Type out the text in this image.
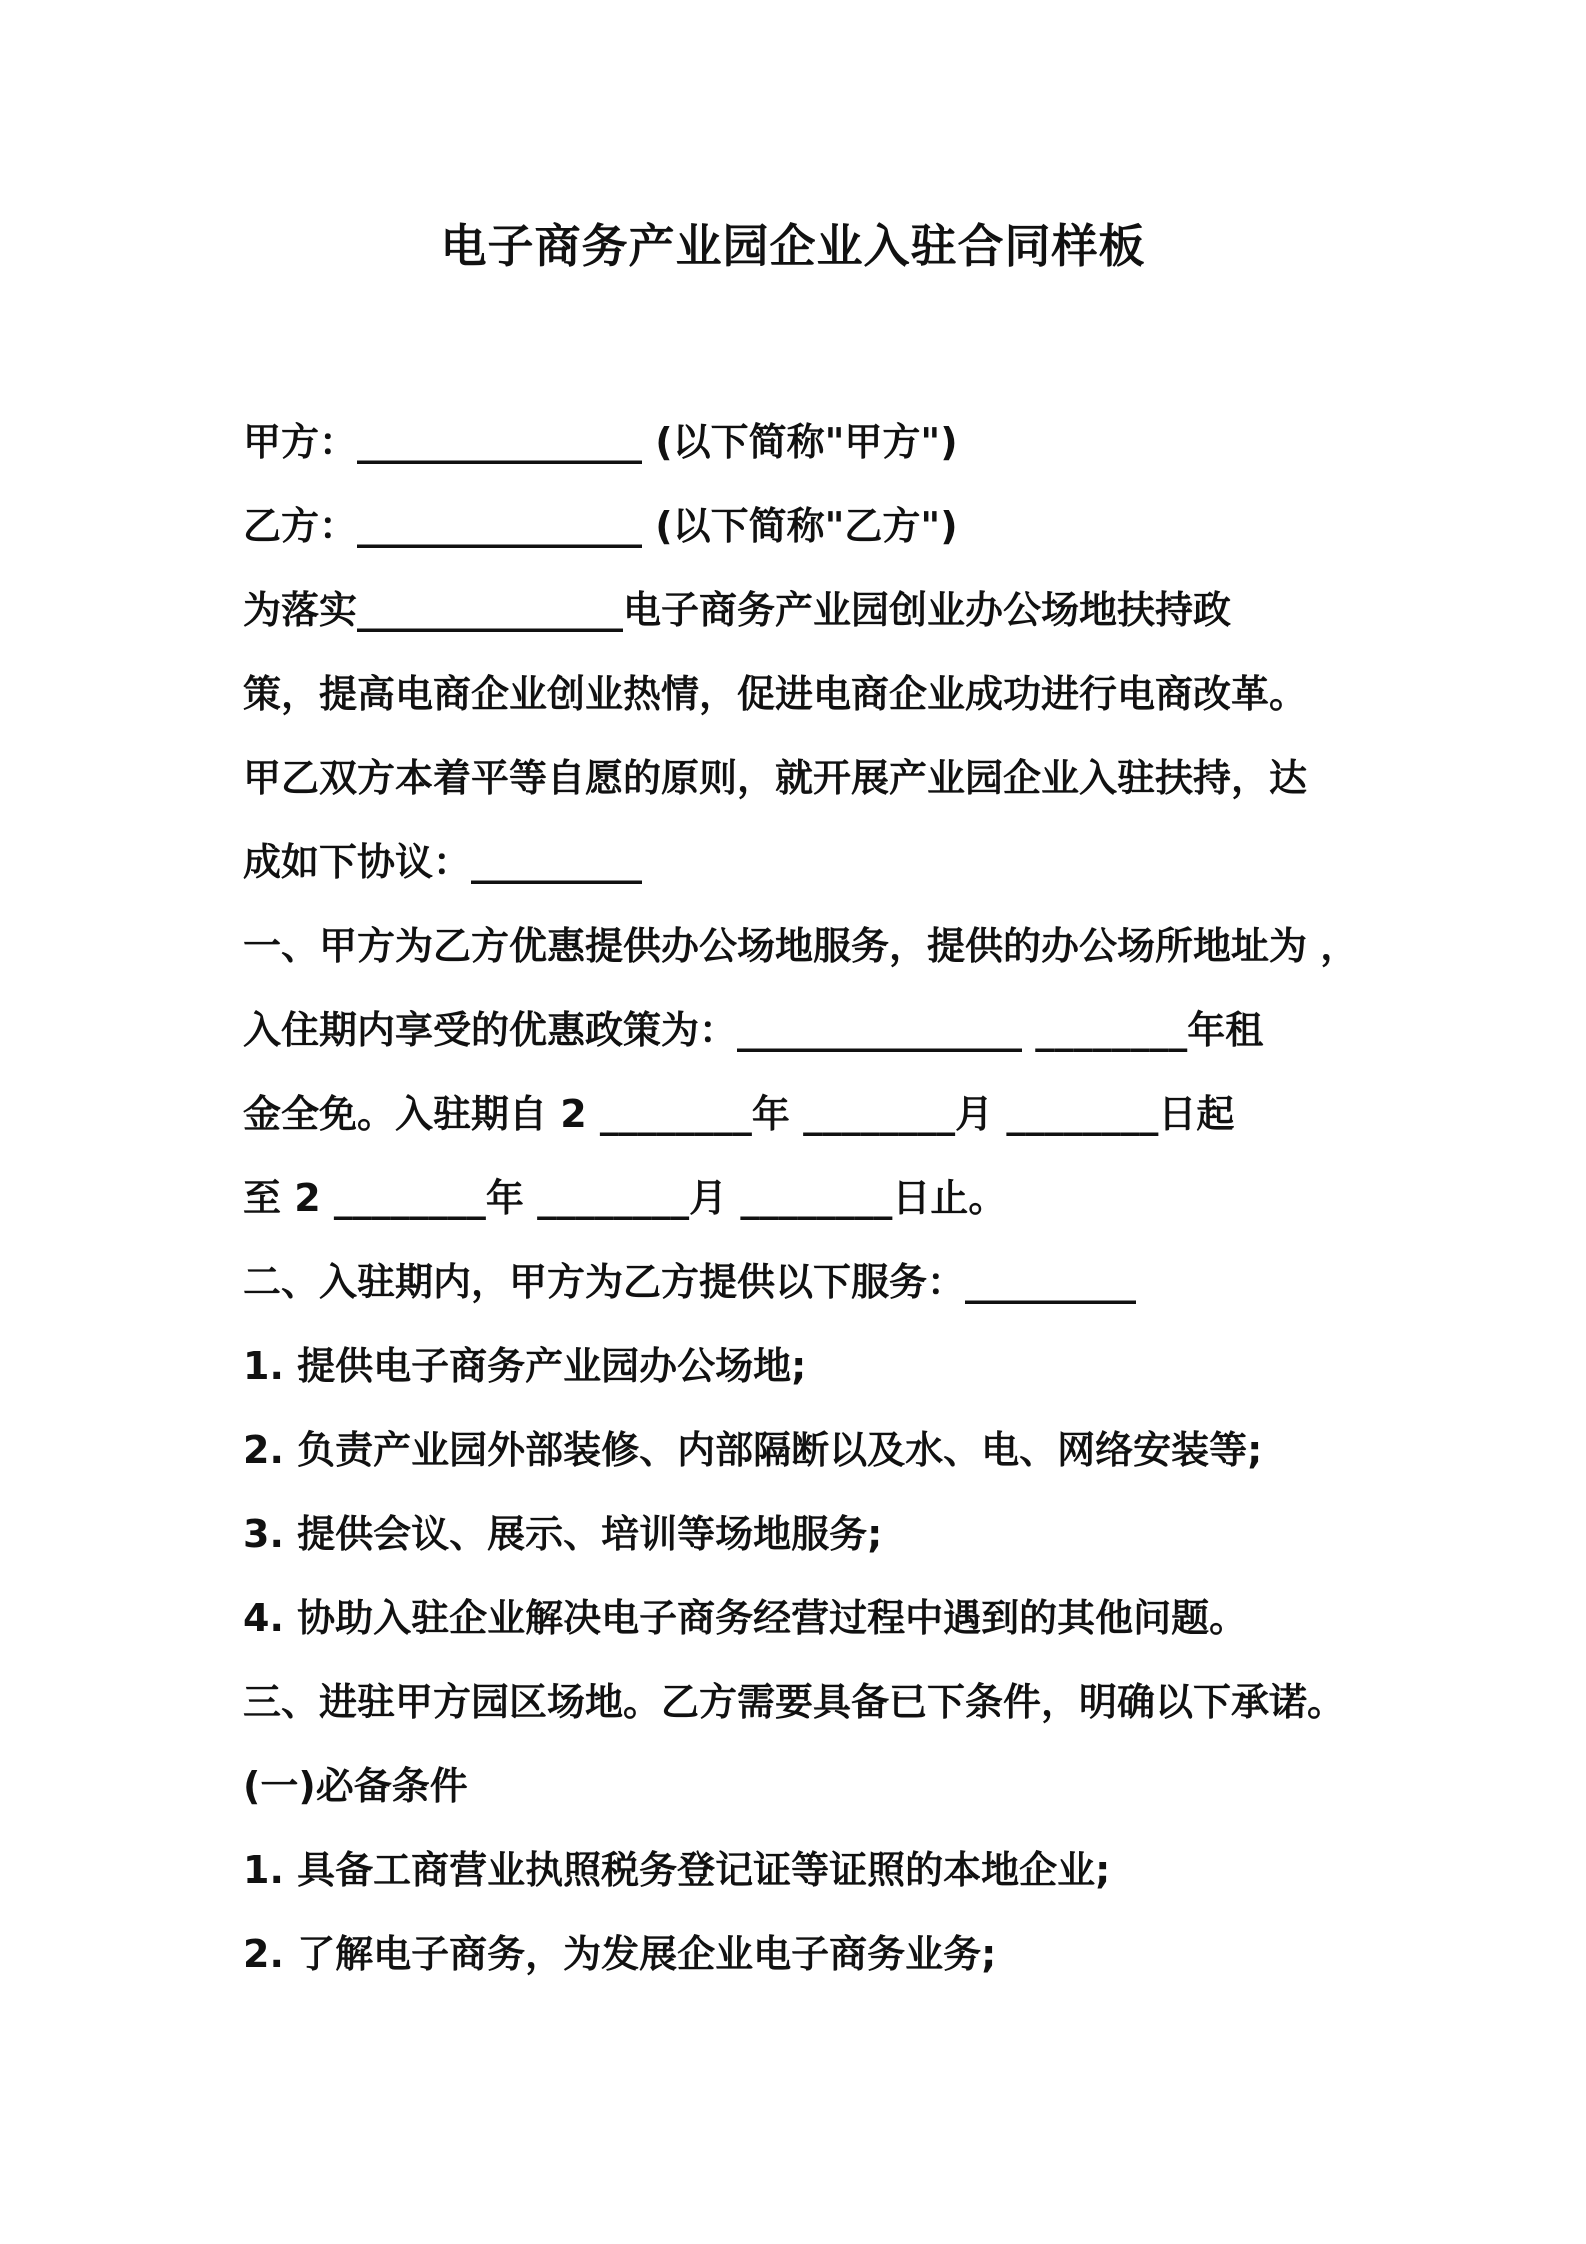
电子商务产业园企业入驻合同样板
甲方：_______________ (以下简称"甲方")
乙方：_______________ (以下简称"乙方")
为落实______________电子商务产业园创业办公场地扶持政
策，提高电商企业创业热情，促进电商企业成功进行电商改革。
甲乙双方本着平等自愿的原则，就开展产业园企业入驻扶持，达
成如下协议：_________
一、甲方为乙方优惠提供办公场地服务，提供的办公场所地址为 ，
入住期内享受的优惠政策为：_______________ ________年租
金全免。入驻期自 2 ________年 ________月 ________日起
至 2 ________年 ________月 ________日止。
二、入驻期内，甲方为乙方提供以下服务：_________
1. 提供电子商务产业园办公场地;
2. 负责产业园外部装修、内部隔断以及水、电、网络安装等;
3. 提供会议、展示、培训等场地服务;
4. 协助入驻企业解决电子商务经营过程中遇到的其他问题。
三、进驻甲方园区场地。乙方需要具备已下条件，明确以下承诺。
(一)必备条件
1. 具备工商营业执照税务登记证等证照的本地企业;
2. 了解电子商务，为发展企业电子商务业务;
